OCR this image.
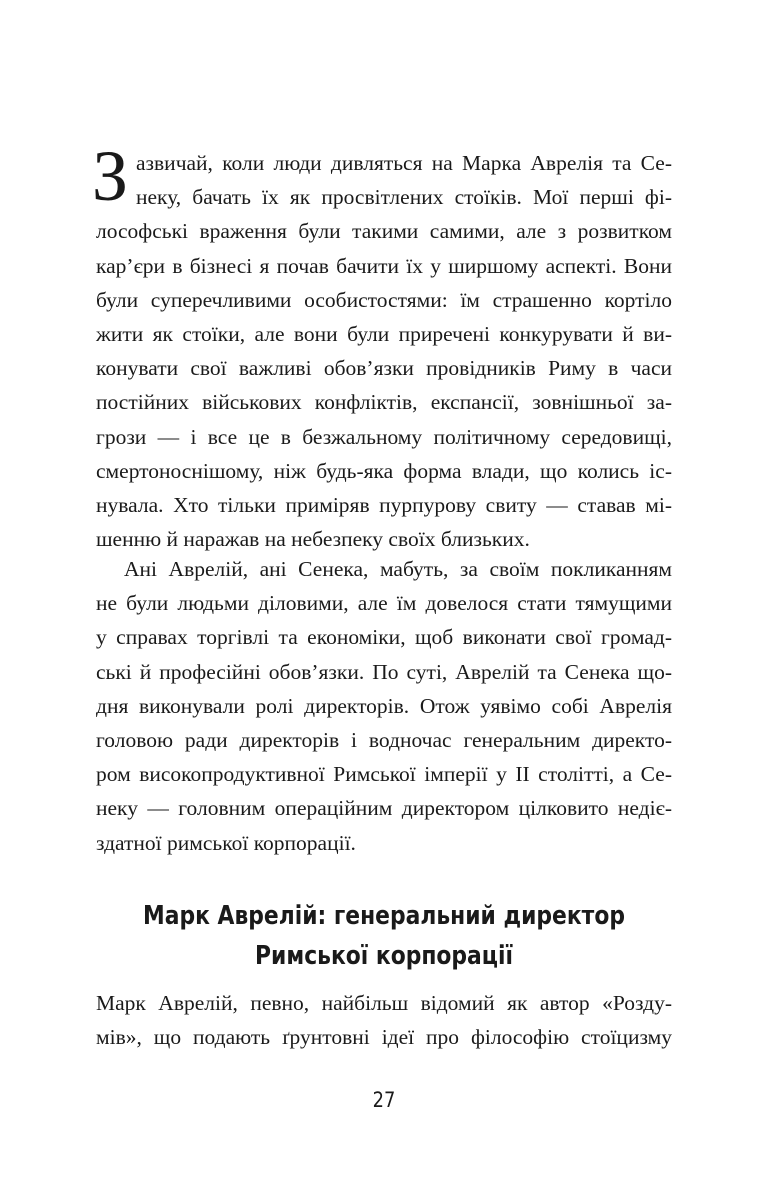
З азвичай, коли люди дивляться на Марка Аврелія та Се-
неку, бачать їх як просвітлених стоїків. Мої перші фі-
лософські враження були такими самими, але з розвитком
кар’єри в бізнесі я почав бачити їх у ширшому аспекті. Вони
були суперечливими особистостями: їм страшенно кортіло
жити як стоїки, але вони були приречені конкурувати й ви-
конувати свої важливі обов’язки провідників Риму в часи
постійних військових конфліктів, експансії, зовнішньої за-
грози — і все це в безжальному політичному середовищі,
смертоноснішому, ніж будь-яка форма влади, що колись іс-
нувала. Хто тільки приміряв пурпурову свиту — ставав мі-
шенню й наражав на небезпеку своїх близьких.
Ані Аврелій, ані Сенека, мабуть, за своїм покликанням
не були людьми діловими, але їм довелося стати тямущими
у справах торгівлі та економіки, щоб виконати свої громад-
ські й професійні обов’язки. По суті, Аврелій та Сенека що-
дня виконували ролі директорів. Отож уявімо собі Аврелія
головою ради директорів і водночас генеральним директо-
ром високопродуктивної Римської імперії у II столітті, а Се-
неку — головним операційним директором цілковито недіє-
здатної римської корпорації.
Марк Аврелій: генеральний директор
Римської корпорації
Марк Аврелій, певно, найбільш відомий як автор «Розду-
мів», що подають ґрунтовні ідеї про філософію стоїцизму
27
